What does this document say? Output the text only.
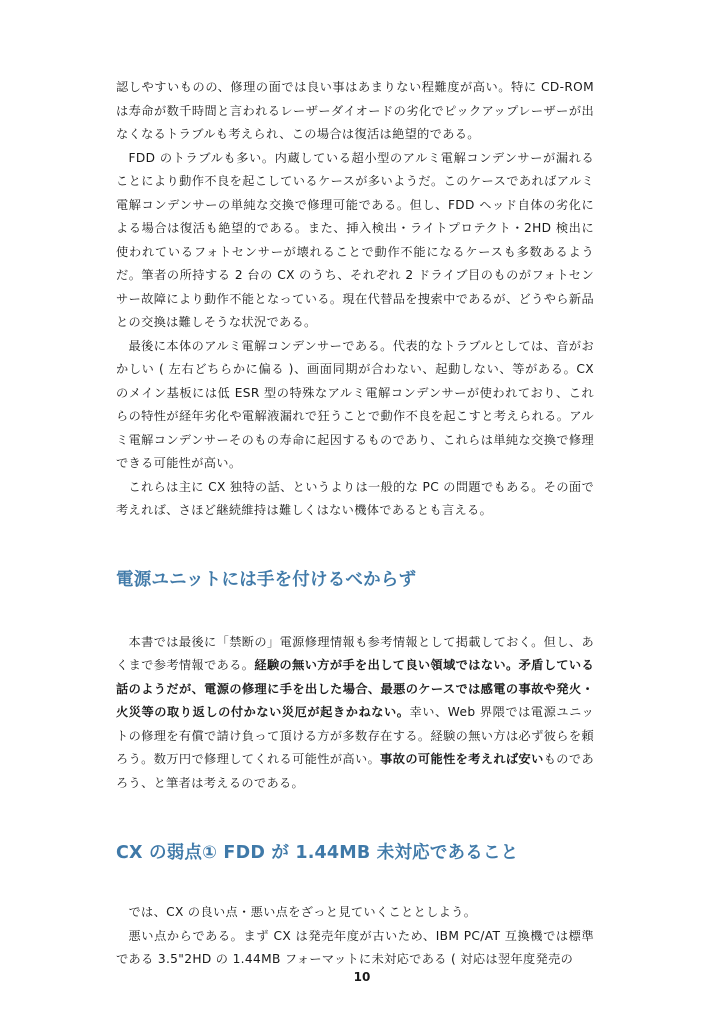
認しやすいものの、修理の面では良い事はあまりない程難度が高い。特に CD-ROM は寿命が数千時間と言われるレーザーダイオードの劣化でピックアップレーザーが出なくなるトラブルも考えられ、この場合は復活は絶望的である。

FDD のトラブルも多い。内蔵している超小型のアルミ電解コンデンサーが漏れることにより動作不良を起こしているケースが多いようだ。このケースであればアルミ電解コンデンサーの単純な交換で修理可能である。但し、FDD ヘッド自体の劣化による場合は復活も絶望的である。また、挿入検出・ライトプロテクト・2HD 検出に使われているフォトセンサーが壊れることで動作不能になるケースも多数あるようだ。筆者の所持する 2 台の CX のうち、それぞれ 2 ドライブ目のものがフォトセンサー故障により動作不能となっている。現在代替品を捜索中であるが、どうやら新品との交換は難しそうな状況である。

最後に本体のアルミ電解コンデンサーである。代表的なトラブルとしては、音がおかしい ( 左右どちらかに偏る )、画面同期が合わない、起動しない、等がある。CX のメイン基板には低 ESR 型の特殊なアルミ電解コンデンサーが使われており、これらの特性が経年劣化や電解液漏れで狂うことで動作不良を起こすと考えられる。アルミ電解コンデンサーそのもの寿命に起因するものであり、これらは単純な交換で修理できる可能性が高い。

これらは主に CX 独特の話、というよりは一般的な PC の問題でもある。その面で考えれば、さほど継続維持は難しくはない機体であるとも言える。

電源ユニットには手を付けるべからず

本書では最後に「禁断の」電源修理情報も参考情報として掲載しておく。但し、あくまで参考情報である。経験の無い方が手を出して良い領域ではない。矛盾している話のようだが、電源の修理に手を出した場合、最悪のケースでは感電の事故や発火・火災等の取り返しの付かない災厄が起きかねない。幸い、Web 界隈では電源ユニットの修理を有償で請け負って頂ける方が多数存在する。経験の無い方は必ず彼らを頼ろう。数万円で修理してくれる可能性が高い。事故の可能性を考えれば安いものであろう、と筆者は考えるのである。

CX の弱点① FDD が 1.44MB 未対応であること

では、CX の良い点・悪い点をざっと見ていくこととしよう。

悪い点からである。まず CX は発売年度が古いため、IBM PC/AT 互換機では標準である 3.5"2HD の 1.44MB フォーマットに未対応である ( 対応は翌年度発売の

10
